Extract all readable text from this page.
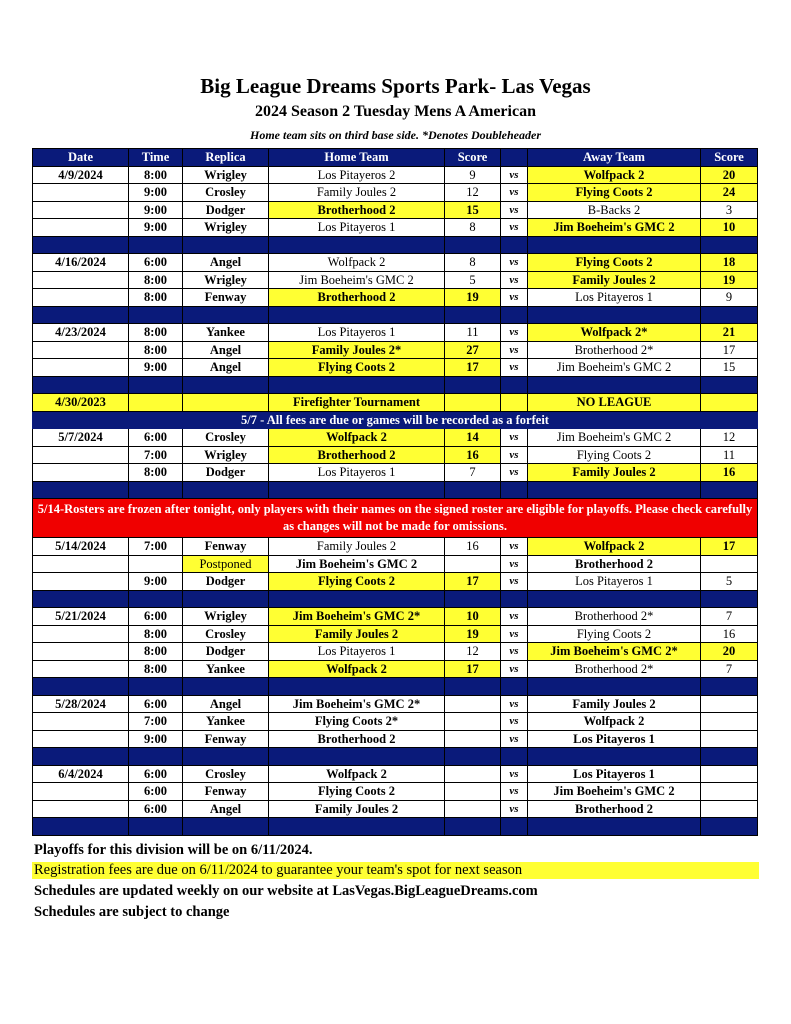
Big League Dreams Sports Park- Las Vegas
2024 Season 2 Tuesday Mens A American
Home team sits on third base side. *Denotes Doubleheader
Date	Time	Replica	Home Team	Score		Away Team	Score
4/9/2024	8:00	Wrigley	Los Pitayeros 2	9	vs	Wolfpack 2	20
	9:00	Crosley	Family Joules 2	12	vs	Flying Coots 2	24
	9:00	Dodger	Brotherhood 2	15	vs	B-Backs 2	3
	9:00	Wrigley	Los Pitayeros 1	8	vs	Jim Boeheim's GMC 2	10

4/16/2024	6:00	Angel	Wolfpack 2	8	vs	Flying Coots 2	18
	8:00	Wrigley	Jim Boeheim's GMC 2	5	vs	Family Joules 2	19
	8:00	Fenway	Brotherhood 2	19	vs	Los Pitayeros 1	9

4/23/2024	8:00	Yankee	Los Pitayeros 1	11	vs	Wolfpack 2*	21
	8:00	Angel	Family Joules 2*	27	vs	Brotherhood 2*	17
	9:00	Angel	Flying Coots 2	17	vs	Jim Boeheim's GMC 2	15

4/30/2023			Firefighter Tournament			NO LEAGUE	
5/7 - All fees are due or games will be recorded as a forfeit							
5/7/2024	6:00	Crosley	Wolfpack 2	14	vs	Jim Boeheim's GMC 2	12
	7:00	Wrigley	Brotherhood 2	16	vs	Flying Coots 2	11
	8:00	Dodger	Los Pitayeros 1	7	vs	Family Joules 2	16

5/14-Rosters are frozen after tonight, only players with their names on the signed roster are eligible for playoffs. Please check carefully as changes will not be made for omissions.							
5/14/2024	7:00	Fenway	Family Joules 2	16	vs	Wolfpack 2	17
		Postponed	Jim Boeheim's GMC 2		vs	Brotherhood 2	
	9:00	Dodger	Flying Coots 2	17	vs	Los Pitayeros 1	5

5/21/2024	6:00	Wrigley	Jim Boeheim's GMC 2*	10	vs	Brotherhood 2*	7
	8:00	Crosley	Family Joules 2	19	vs	Flying Coots 2	16
	8:00	Dodger	Los Pitayeros 1	12	vs	Jim Boeheim's GMC 2*	20
	8:00	Yankee	Wolfpack 2	17	vs	Brotherhood 2*	7

5/28/2024	6:00	Angel	Jim Boeheim's GMC 2*		vs	Family Joules 2	
	7:00	Yankee	Flying Coots 2*		vs	Wolfpack 2	
	9:00	Fenway	Brotherhood 2		vs	Los Pitayeros 1	

6/4/2024	6:00	Crosley	Wolfpack 2		vs	Los Pitayeros 1	
	6:00	Fenway	Flying Coots 2		vs	Jim Boeheim's GMC 2	
	6:00	Angel	Family Joules 2		vs	Brotherhood 2	

Playoffs for this division will be on 6/11/2024.
Registration fees are due on 6/11/2024 to guarantee your team's spot for next season
Schedules are updated weekly on our website at LasVegas.BigLeagueDreams.com
Schedules are subject to change
